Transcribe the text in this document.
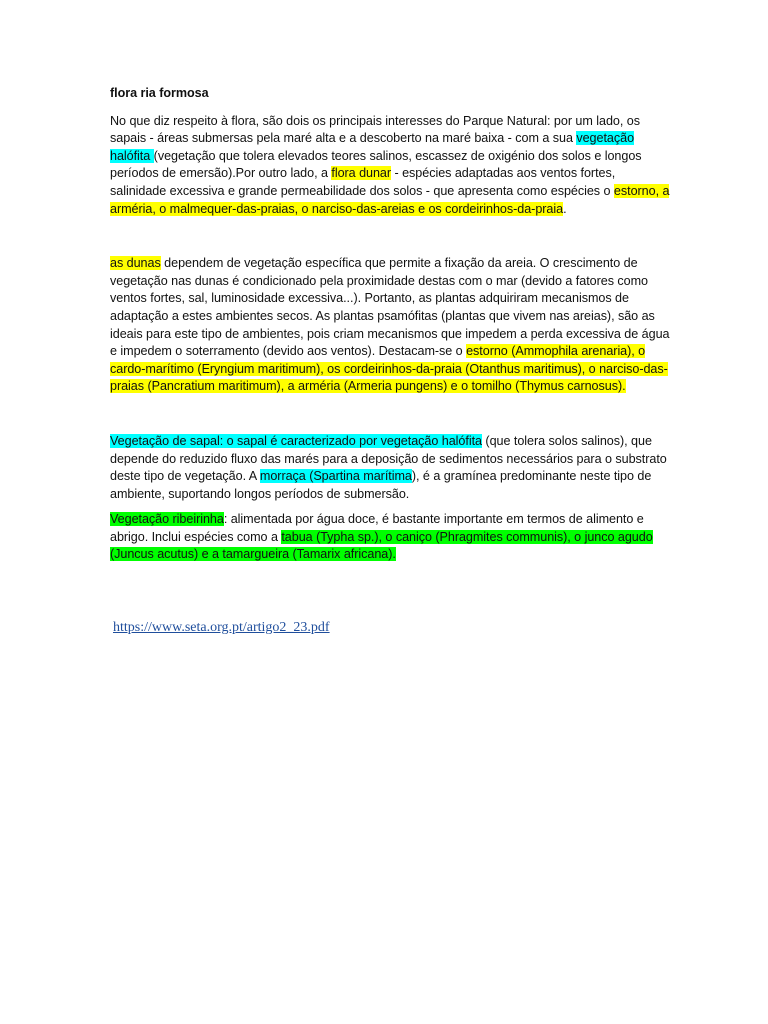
flora ria formosa

No que diz respeito à flora, são dois os principais interesses do Parque Natural: por um lado, os sapais - áreas submersas pela maré alta e a descoberto na maré baixa - com a sua vegetação halófita (vegetação que tolera elevados teores salinos, escassez de oxigénio dos solos e longos períodos de emersão).Por outro lado, a flora dunar - espécies adaptadas aos ventos fortes, salinidade excessiva e grande permeabilidade dos solos - que apresenta como espécies o estorno, a arméria, o malmequer-das-praias, o narciso-das-areias e os cordeirinhos-da-praia.

as dunas dependem de vegetação específica que permite a fixação da areia. O crescimento de vegetação nas dunas é condicionado pela proximidade destas com o mar (devido a fatores como ventos fortes, sal, luminosidade excessiva...). Portanto, as plantas adquiriram mecanismos de adaptação a estes ambientes secos. As plantas psamófitas (plantas que vivem nas areias), são as ideais para este tipo de ambientes, pois criam mecanismos que impedem a perda excessiva de água e impedem o soterramento (devido aos ventos). Destacam-se o estorno (Ammophila arenaria), o cardo-marítimo (Eryngium maritimum), os cordeirinhos-da-praia (Otanthus maritimus), o narciso-das-praias (Pancratium maritimum), a arméria (Armeria pungens) e o tomilho (Thymus carnosus).

Vegetação de sapal: o sapal é caracterizado por vegetação halófita (que tolera solos salinos), que depende do reduzido fluxo das marés para a deposição de sedimentos necessários para o substrato deste tipo de vegetação. A morraça (Spartina marítima), é a gramínea predominante neste tipo de ambiente, suportando longos períodos de submersão.

Vegetação ribeirinha: alimentada por água doce, é bastante importante em termos de alimento e abrigo. Inclui espécies como a tabua (Typha sp.), o caniço (Phragmites communis), o junco agudo (Juncus acutus) e a tamargueira (Tamarix africana).

https://www.seta.org.pt/artigo2_23.pdf
